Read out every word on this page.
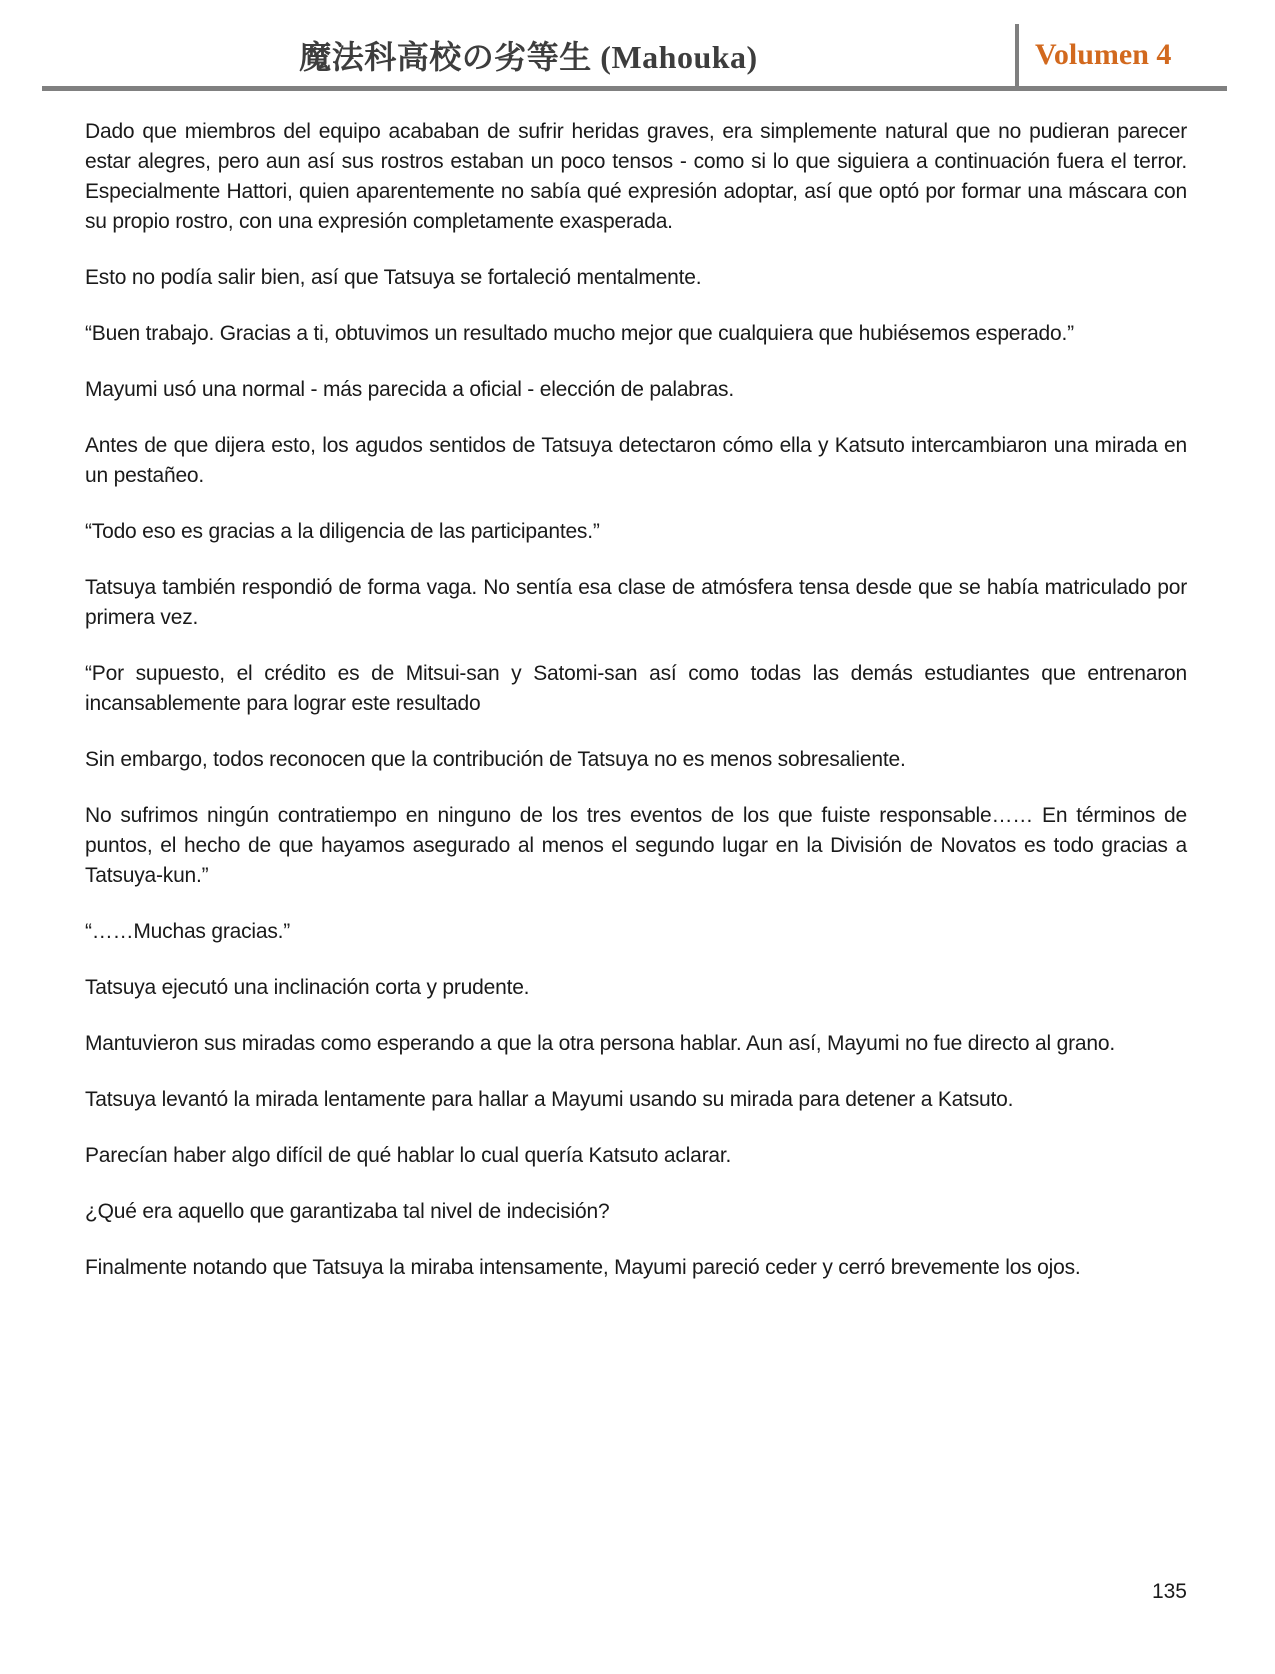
魔法科高校の劣等生 (Mahouka)	Volumen 4

Dado que miembros del equipo acababan de sufrir heridas graves, era simplemente natural que no pudieran parecer estar alegres, pero aun así sus rostros estaban un poco tensos - como si lo que siguiera a continuación fuera el terror. Especialmente Hattori, quien aparentemente no sabía qué expresión adoptar, así que optó por formar una máscara con su propio rostro, con una expresión completamente exasperada.

Esto no podía salir bien, así que Tatsuya se fortaleció mentalmente.

“Buen trabajo. Gracias a ti, obtuvimos un resultado mucho mejor que cualquiera que hubiésemos esperado.”

Mayumi usó una normal - más parecida a oficial - elección de palabras.

Antes de que dijera esto, los agudos sentidos de Tatsuya detectaron cómo ella y Katsuto intercambiaron una mirada en un pestañeo.

“Todo eso es gracias a la diligencia de las participantes.”

Tatsuya también respondió de forma vaga. No sentía esa clase de atmósfera tensa desde que se había matriculado por primera vez.

“Por supuesto, el crédito es de Mitsui-san y Satomi-san así como todas las demás estudiantes que entrenaron incansablemente para lograr este resultado

Sin embargo, todos reconocen que la contribución de Tatsuya no es menos sobresaliente.

No sufrimos ningún contratiempo en ninguno de los tres eventos de los que fuiste responsable…… En términos de puntos, el hecho de que hayamos asegurado al menos el segundo lugar en la División de Novatos es todo gracias a Tatsuya-kun.”

“……Muchas gracias.”

Tatsuya ejecutó una inclinación corta y prudente.

Mantuvieron sus miradas como esperando a que la otra persona hablar. Aun así, Mayumi no fue directo al grano.

Tatsuya levantó la mirada lentamente para hallar a Mayumi usando su mirada para detener a Katsuto.

Parecían haber algo difícil de qué hablar lo cual quería Katsuto aclarar.

¿Qué era aquello que garantizaba tal nivel de indecisión?

Finalmente notando que Tatsuya la miraba intensamente, Mayumi pareció ceder y cerró brevemente los ojos.

135
